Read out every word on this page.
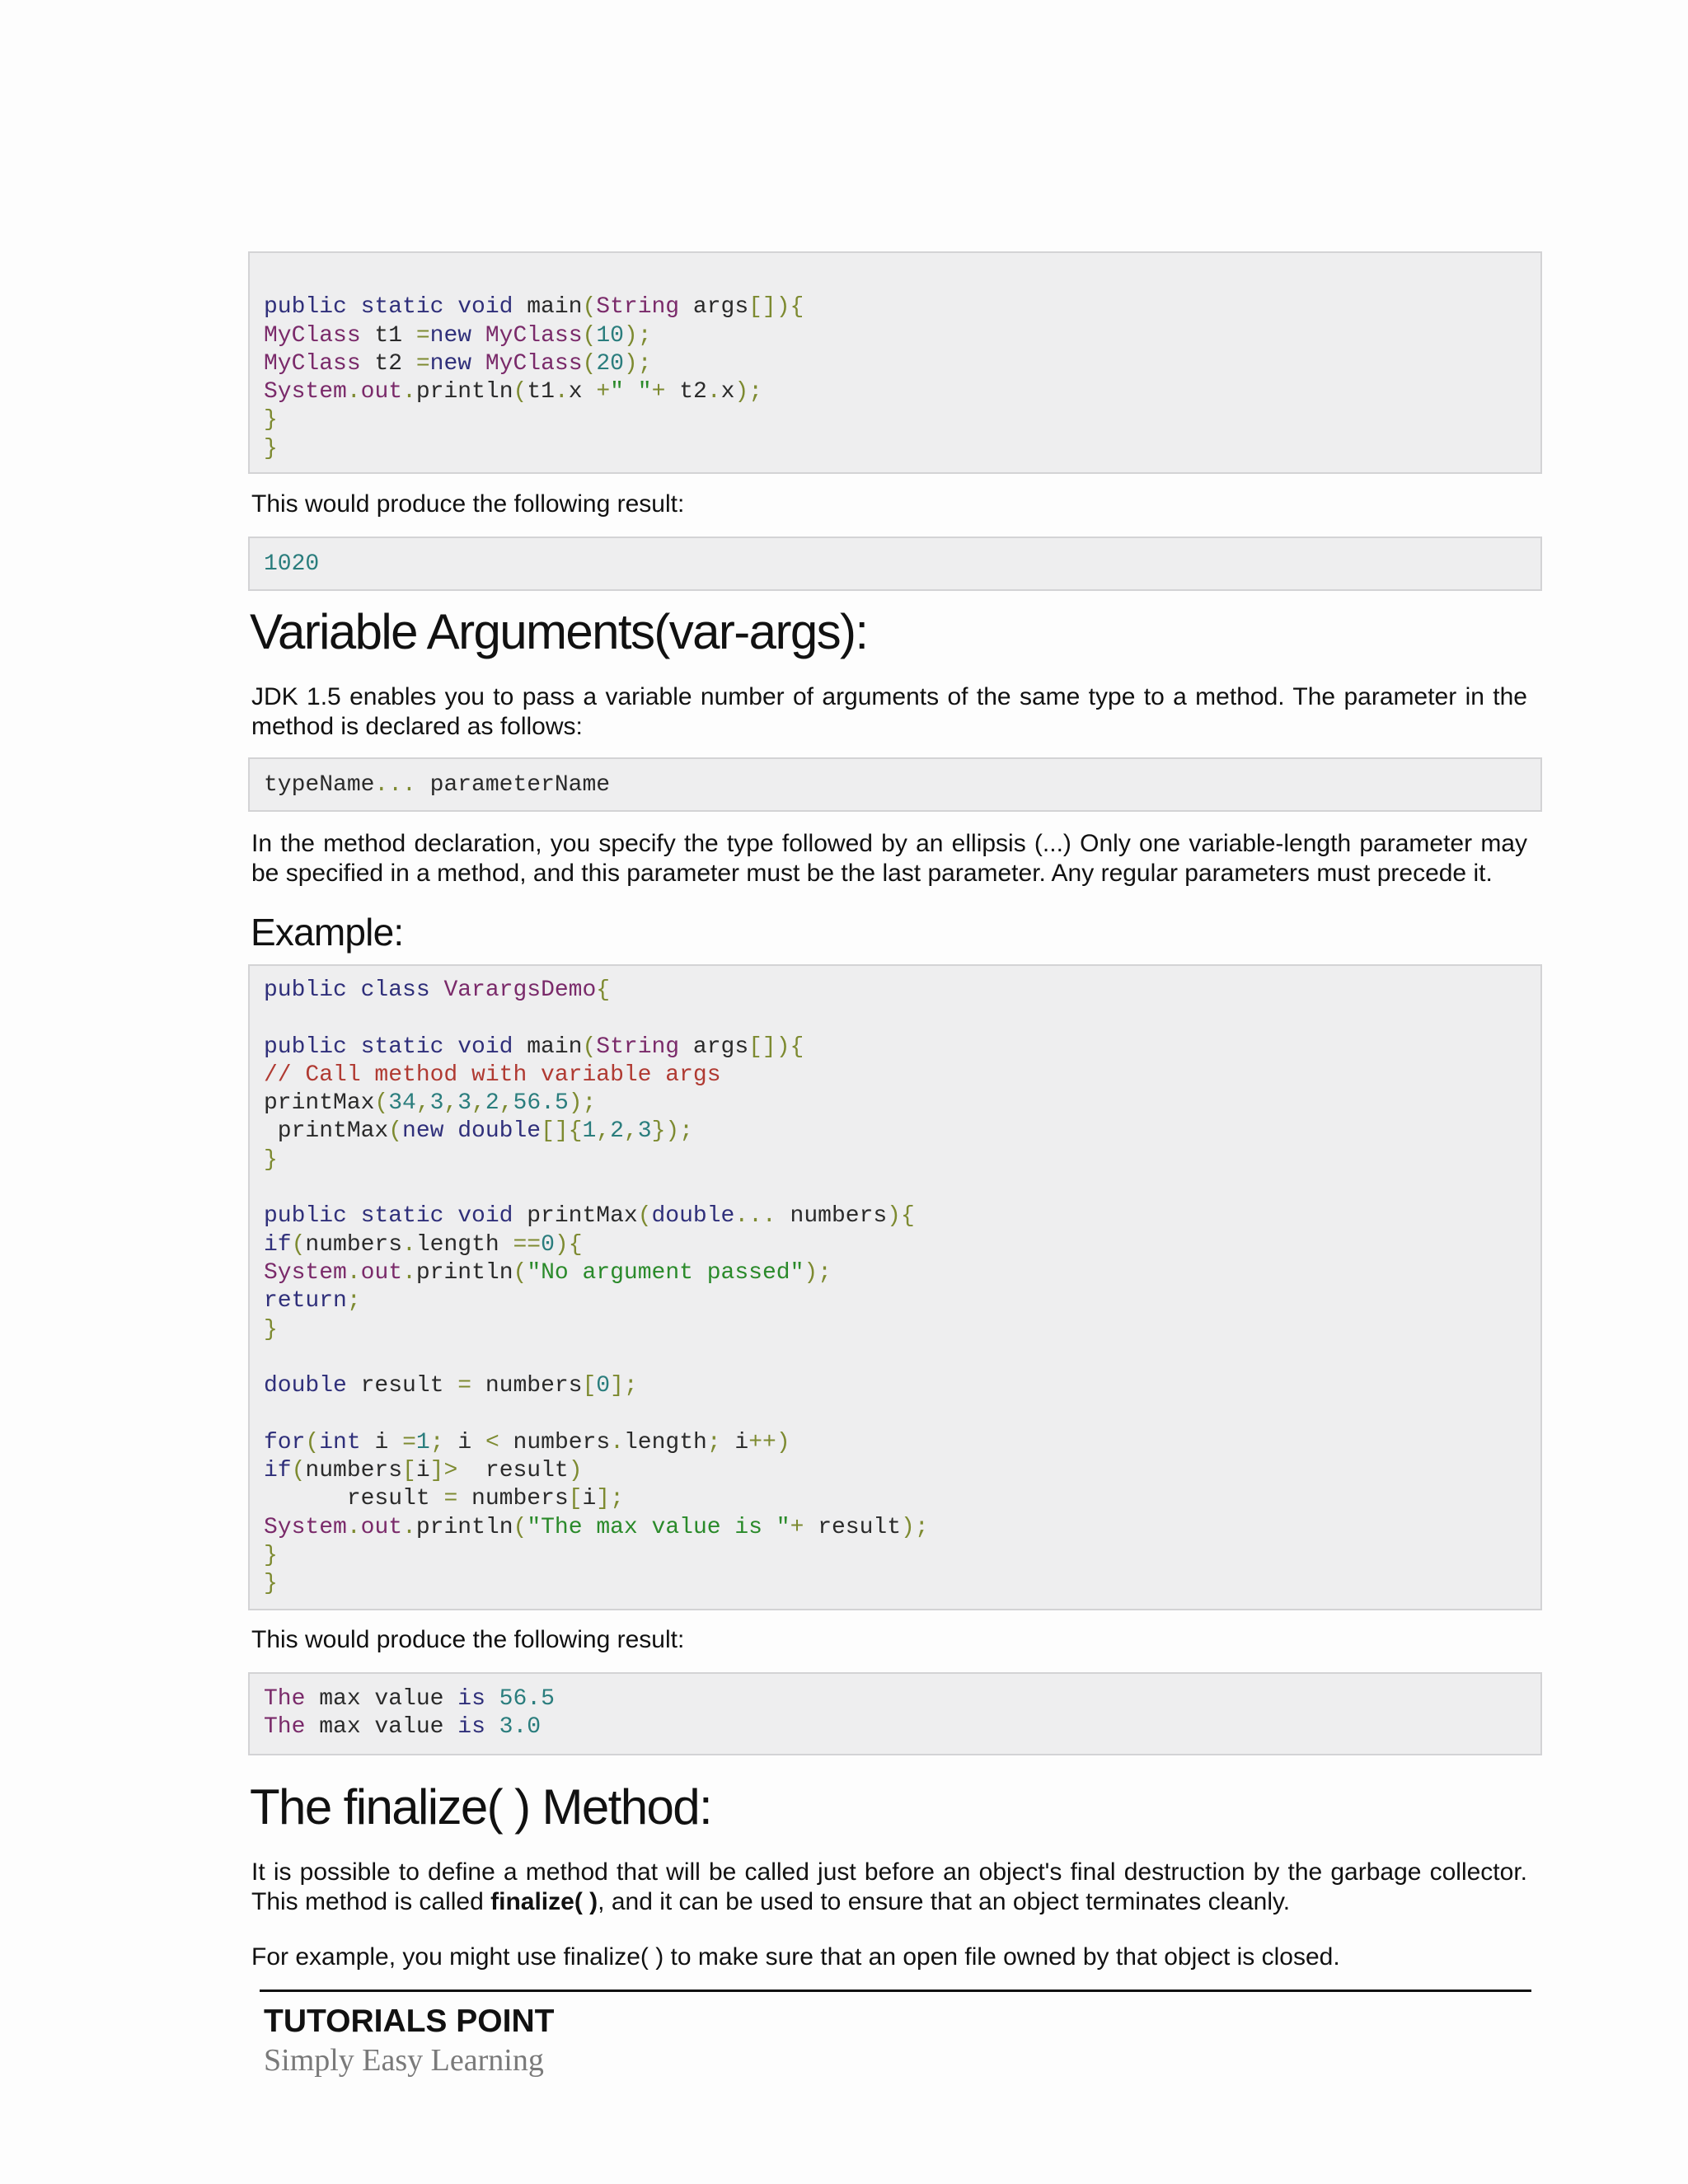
public static void main(String args[]){
MyClass t1 =new MyClass(10);
MyClass t2 =new MyClass(20);
System.out.println(t1.x +" "+ t2.x);
}
}

This would produce the following result:

1020
Variable Arguments(var-args):

JDK 1.5 enables you to pass a variable number of arguments of the same type to a method. The parameter in the method is declared as follows:

typeName... parameterName

In the method declaration, you specify the type followed by an ellipsis (...) Only one variable-length parameter may be specified in a method, and this parameter must be the last parameter. Any regular parameters must precede it.

Example:
public class VarargsDemo{
public static void main(String args[]){
// Call method with variable args
printMax(34,3,3,2,56.5);
printMax(new double[]{1,2,3});
}
public static void printMax(double... numbers){
if(numbers.length ==0){
System.out.println("No argument passed");
return;
}
double result = numbers[0];
for(int i =1; i < numbers.length; i++)
if(numbers[i]>  result)
result = numbers[i];
System.out.println("The max value is "+ result);
}
}

This would produce the following result:

The max value is 56.5
The max value is 3.0
The finalize( ) Method:

It is possible to define a method that will be called just before an object's final destruction by the garbage collector. This method is called finalize( ), and it can be used to ensure that an object terminates cleanly.

For example, you might use finalize( ) to make sure that an open file owned by that object is closed.

TUTORIALS POINT
Simply Easy Learning
